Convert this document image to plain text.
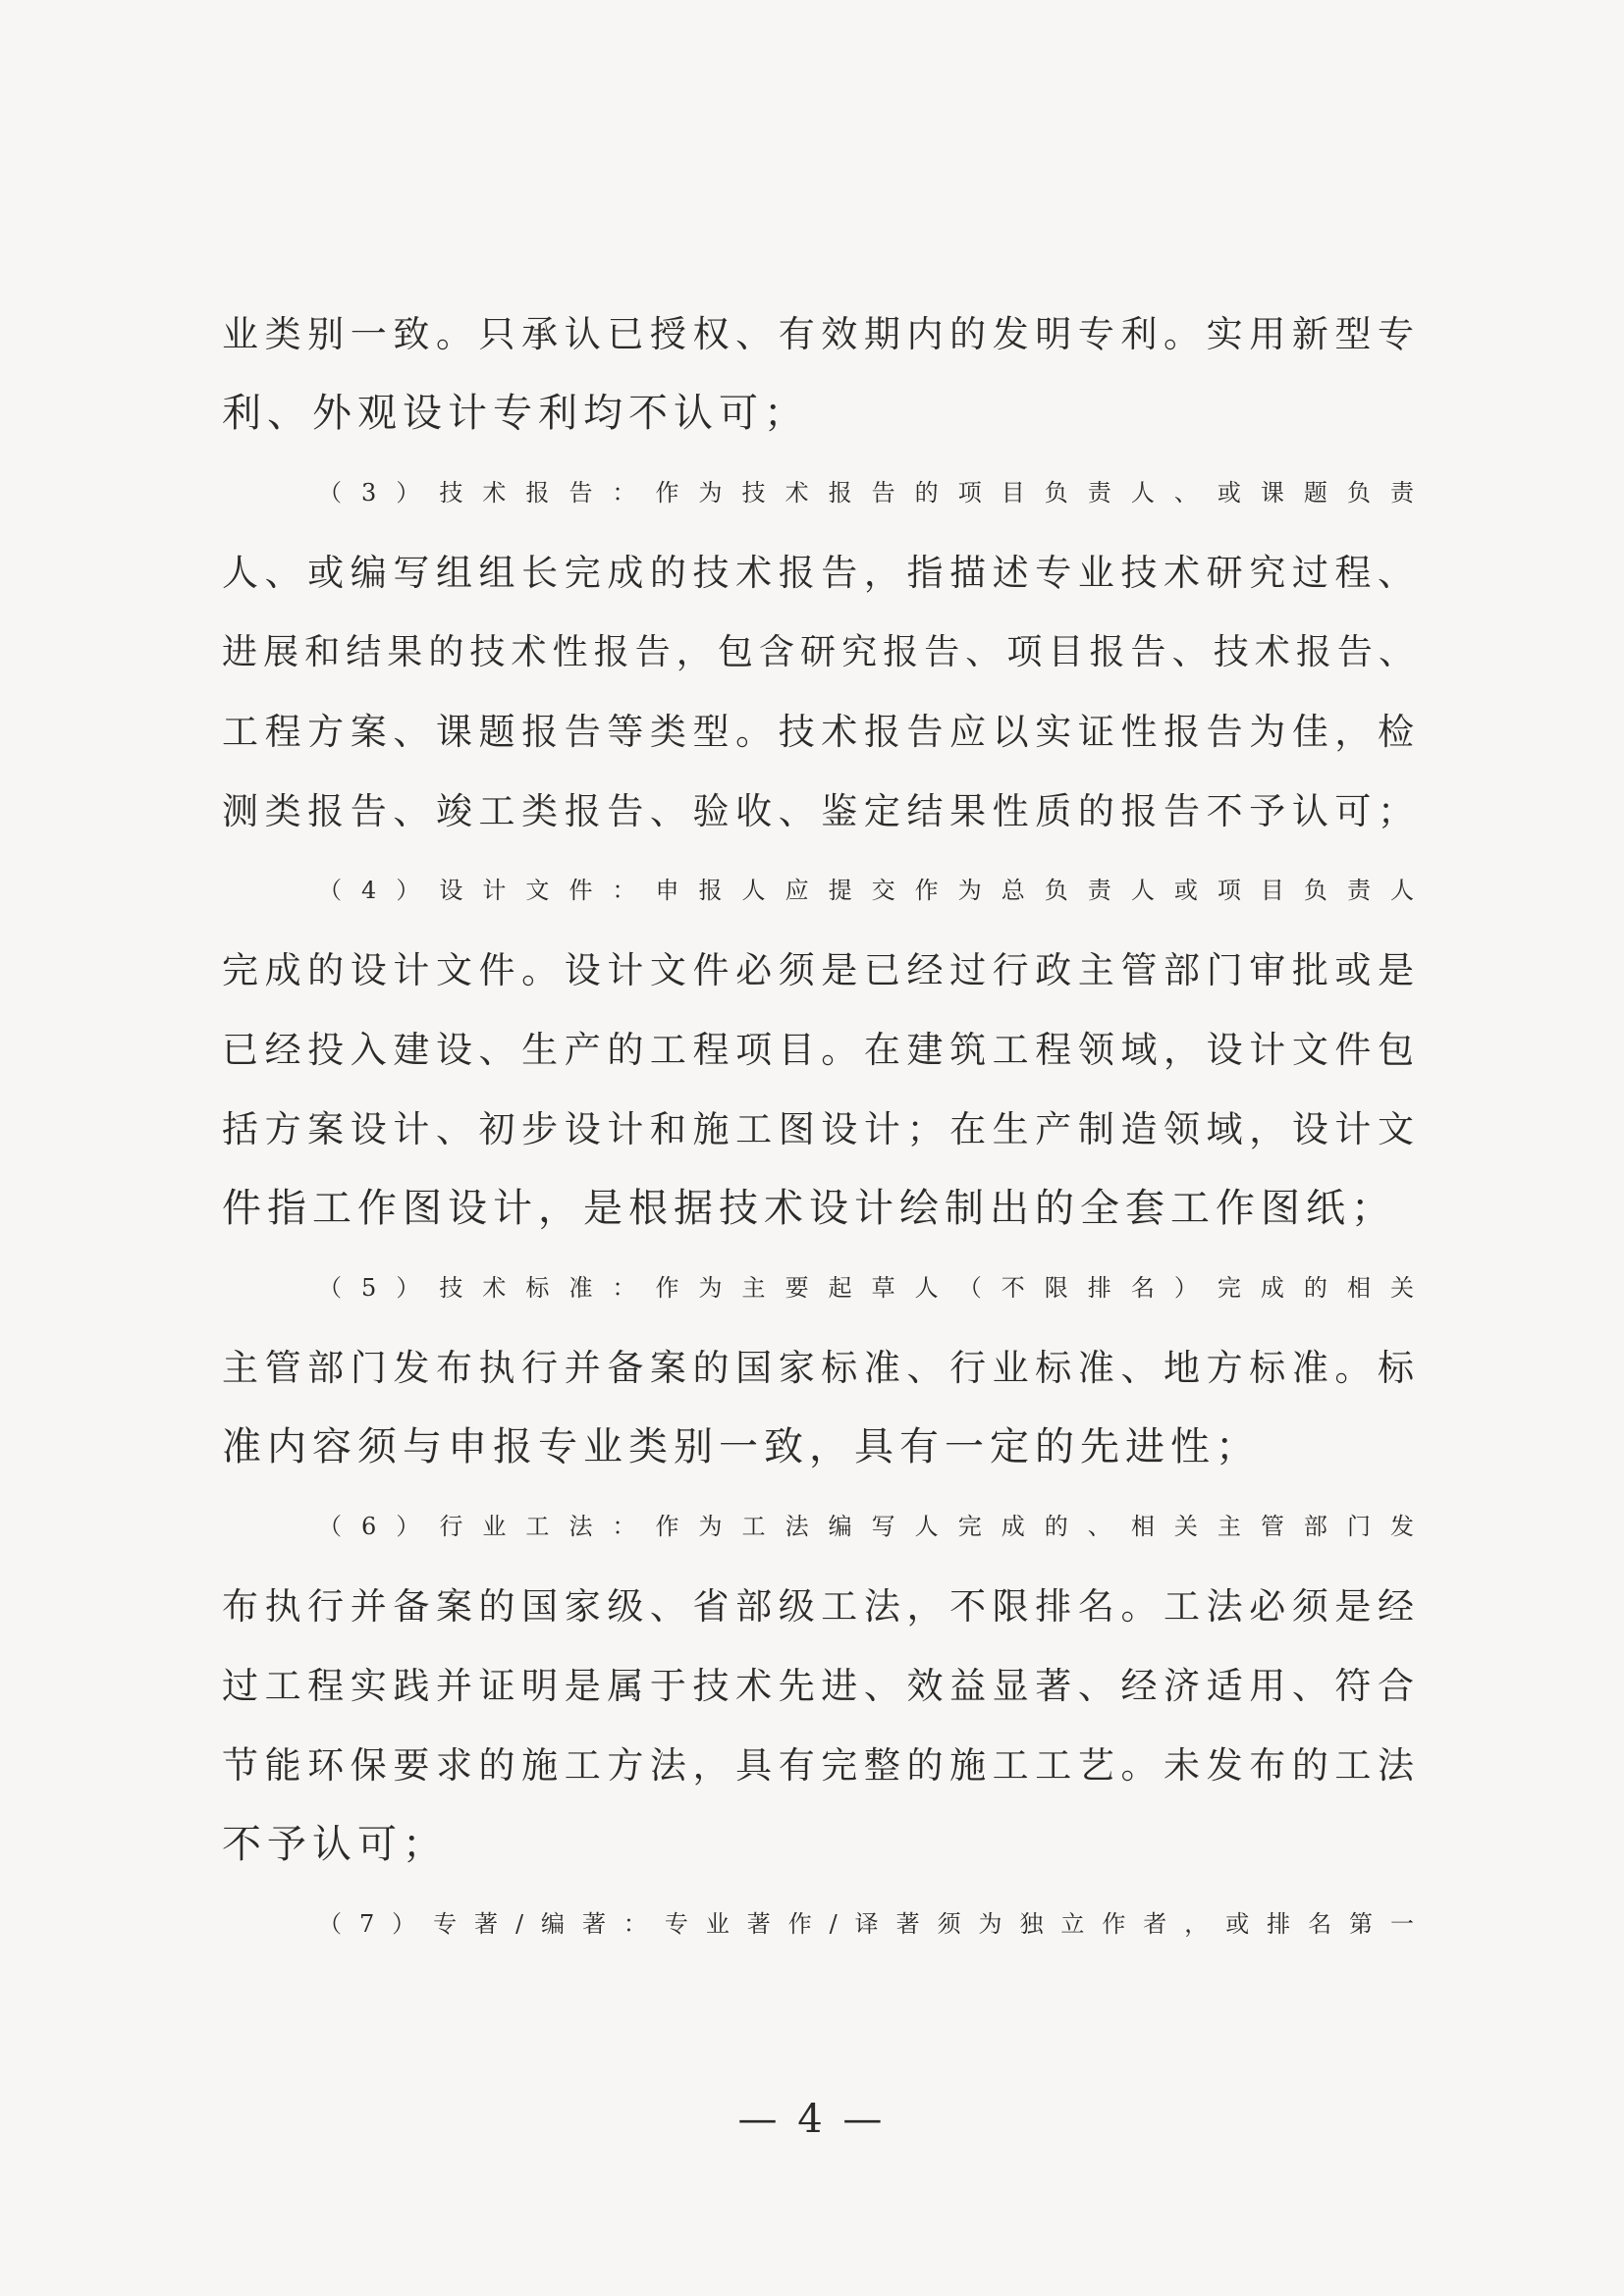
业类别一致。只承认已授权、有效期内的发明专利。实用新型专
利、外观设计专利均不认可；
（3）技术报告：作为技术报告的项目负责人、或课题负责
人、或编写组组长完成的技术报告，指描述专业技术研究过程、
进展和结果的技术性报告，包含研究报告、项目报告、技术报告、
工程方案、课题报告等类型。技术报告应以实证性报告为佳，检
测类报告、竣工类报告、验收、鉴定结果性质的报告不予认可；
（4）设计文件：申报人应提交作为总负责人或项目负责人
完成的设计文件。设计文件必须是已经过行政主管部门审批或是
已经投入建设、生产的工程项目。在建筑工程领域，设计文件包
括方案设计、初步设计和施工图设计；在生产制造领域，设计文
件指工作图设计，是根据技术设计绘制出的全套工作图纸；
（5）技术标准：作为主要起草人（不限排名）完成的相关
主管部门发布执行并备案的国家标准、行业标准、地方标准。标
准内容须与申报专业类别一致，具有一定的先进性；
（6）行业工法：作为工法编写人完成的、相关主管部门发
布执行并备案的国家级、省部级工法，不限排名。工法必须是经
过工程实践并证明是属于技术先进、效益显著、经济适用、符合
节能环保要求的施工方法，具有完整的施工工艺。未发布的工法
不予认可；
（7）专著/编著：专业著作/译著须为独立作者，或排名第一
— 4 —
